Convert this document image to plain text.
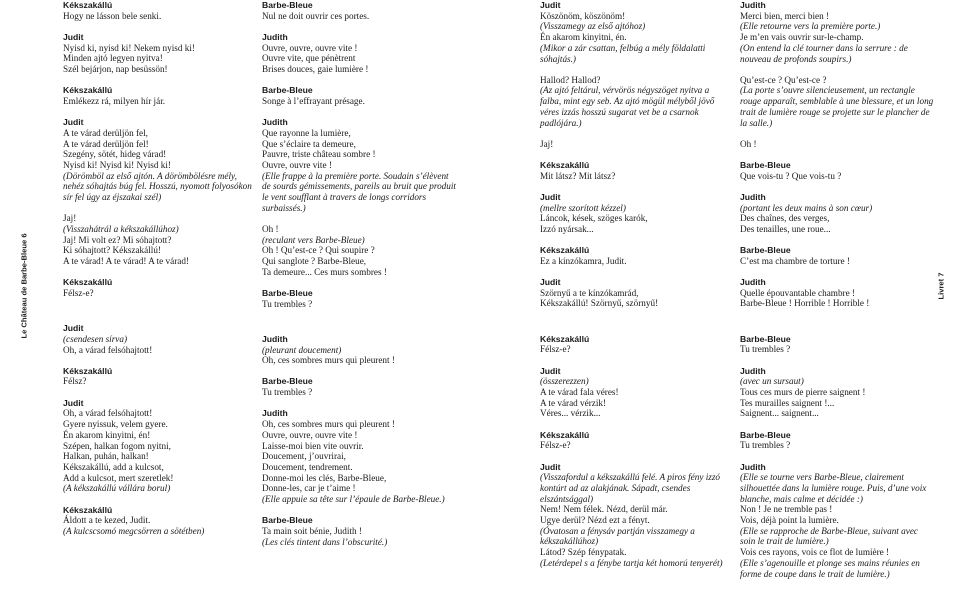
Kékszakállú
Hogy ne lásson bele senki.
Judit
Nyisd ki, nyisd ki! Nekem nyisd ki!
Minden ajtó legyen nyitva!
Szél bejárjon, nap besüssön!
Kékszakállú
Emlékezz rá, milyen hír jár.
Judit
A te várad derüljön fel,
A te várad derüljön fel!
Szegény, sötét, hideg várad!
Nyisd ki! Nyisd ki! Nyisd ki!
(Dörömböl az első ajtón. A dörömbölésre mély,
nehéz sóhajtás búg fel. Hosszú, nyomott folyosókon
sír fel úgy az éjszakai szél)
Jaj!
(Visszahátrál a kékszakállúhoz)
Jaj! Mi volt ez? Mi sóhajtott?
Ki sóhajtott? Kékszakállú!
A te várad! A te várad! A te várad!
Kékszakállú
Félsz-e?
Judit
(csendesen sírva)
Oh, a várad felsóhajtott!
Kékszakállú
Félsz?
Judit
Oh, a várad felsóhajtott!
Gyere nyissuk, velem gyere.
Én akarom kinyitni, én!
Szépen, halkan fogom nyitni,
Halkan, puhán, halkan!
Kékszakállú, add a kulcsot,
Add a kulcsot, mert szeretlek!
(A kékszakállú vállára borul)
Kékszakállú
Áldott a te kezed, Judit.
(A kulcscsomó megcsörren a sötétben)
Barbe-Bleue
Nul ne doit ouvrir ces portes.
Judith
Ouvre, ouvre, ouvre vite !
Ouvre vite, que pénètrent
Brises douces, gaie lumière !
Barbe-Bleue
Songe à l’effrayant présage.
Judith
Que rayonne la lumière,
Que s’éclaire ta demeure,
Pauvre, triste château sombre !
Ouvre, ouvre vite !
(Elle frappe à la première porte. Soudain s’élèvent
de sourds gémissements, pareils au bruit que produit
le vent soufflant à travers de longs corridors
surbaissés.)
Oh !
(reculant vers Barbe-Bleue)
Oh ! Qu’est-ce ? Qui soupire ?
Qui sanglote ? Barbe-Bleue,
Ta demeure... Ces murs sombres !
Barbe-Bleue
Tu trembles ?
Judith
(pleurant doucement)
Oh, ces sombres murs qui pleurent !
Barbe-Bleue
Tu trembles ?
Judith
Oh, ces sombres murs qui pleurent !
Ouvre, ouvre, ouvre vite !
Laisse-moi bien vite ouvrir.
Doucement, j’ouvrirai,
Doucement, tendrement.
Donne-moi les clés, Barbe-Bleue,
Donne-les, car je t’aime !
(Elle appuie sa tête sur l’épaule de Barbe-Bleue.)
Barbe-Bleue
Ta main soit bénie, Judith !
(Les clés tintent dans l’obscurité.)
Judit
Köszönöm, köszönöm!
(Visszamegy az első ajtóhoz)
Én akarom kinyitni, én.
(Mikor a zár csattan, felbúg a mély földalatti
sóhajtás.)
Hallod? Hallod?
(Az ajtó feltárul, vérvörös négyszöget nyitva a
falba, mint egy seb. Az ajtó mögül mélyből jövő
véres izzás hosszú sugarat vet be a csarnok
padlójára.)
Jaj!
Kékszakállú
Mit látsz? Mit látsz?
Judit
(mellre szorított kézzel)
Láncok, kések, szöges karók,
Izzó nyársak...
Kékszakállú
Ez a kínzókamra, Judit.
Judit
Szörnyű a te kínzókamrád,
Kékszakállú! Szörnyű, szörnyű!
Kékszakállú
Félsz-e?
Judit
(összerezzen)
A te várad fala véres!
A te várad vérzik!
Véres... vérzik...
Kékszakállú
Félsz-e?
Judit
(Visszafordul a kékszakállú felé. A piros fény izzó
kontúrt ad az alakjának. Sápadt, csendes
elszántsággal)
Nem! Nem félek. Nézd, derül már.
Ugye derül? Nézd ezt a fényt.
(Óvatosan a fénysáv partján visszamegy a
kékszakállúhoz)
Látod? Szép fénypatak.
(Letérdepel s a fénybe tartja két homorú tenyerét)
Judith
Merci bien, merci bien !
(Elle retourne vers la première porte.)
Je m’en vais ouvrir sur-le-champ.
(On entend la clé tourner dans la serrure : de
nouveau de profonds soupirs.)
Qu’est-ce ? Qu’est-ce ?
(La porte s’ouvre silencieusement, un rectangle
rouge apparaît, semblable à une blessure, et un long
trait de lumière rouge se projette sur le plancher de
la salle.)
Oh !
Barbe-Bleue
Que vois-tu ? Que vois-tu ?
Judith
(portant les deux mains à son cœur)
Des chaînes, des verges,
Des tenailles, une roue...
Barbe-Bleue
C’est ma chambre de torture !
Judith
Quelle épouvantable chambre !
Barbe-Bleue ! Horrible ! Horrible !
Barbe-Bleue
Tu trembles ?
Judith
(avec un sursaut)
Tous ces murs de pierre saignent !
Tes murailles saignent !...
Saignent... saignent...
Barbe-Bleue
Tu trembles ?
Judith
(Elle se tourne vers Barbe-Bleue, clairement
silhouettée dans la lumière rouge. Puis, d’une voix
blanche, mais calme et décidée :)
Non ! Je ne tremble pas !
Vois, déjà point la lumière.
(Elle se rapproche de Barbe-Bleue, suivant avec
soin le trait de lumière.)
Vois ces rayons, vois ce flot de lumière !
(Elle s’agenouille et plonge ses mains réunies en
forme de coupe dans le trait de lumière.)
Le Château de Barbe-Bleue 6	Livret 7
